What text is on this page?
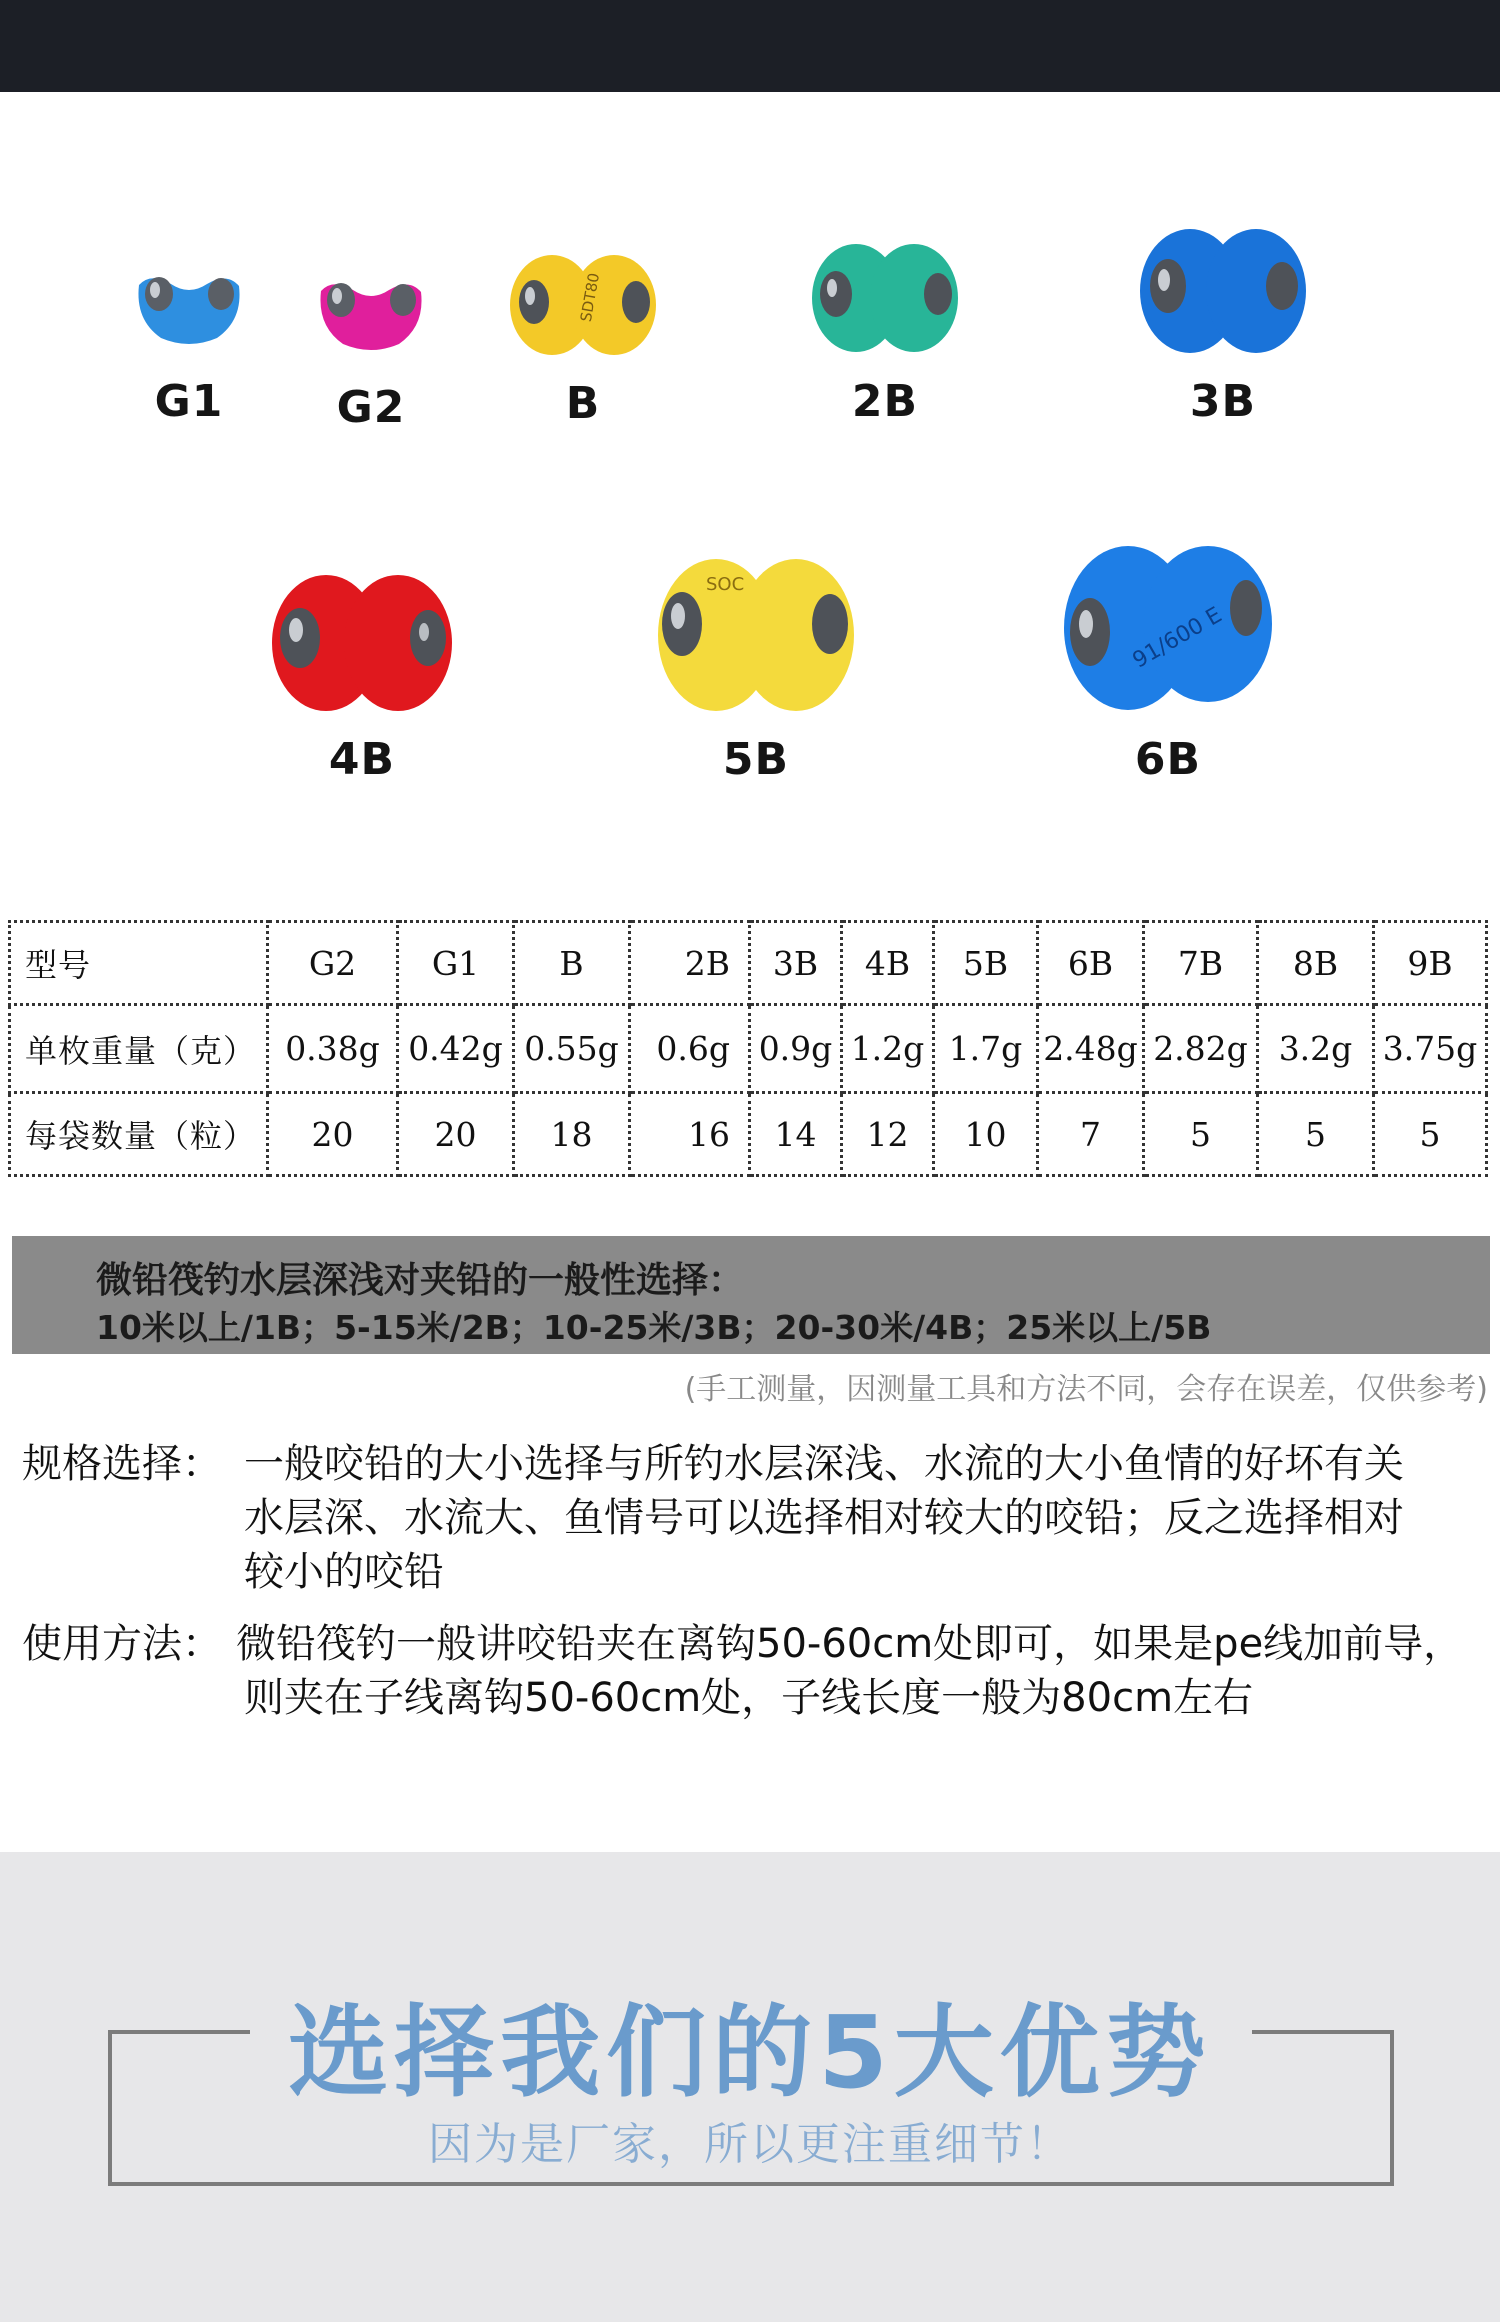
G1	G2
SDT80
B	2B	3B
4B
SOC
5B
91/600 E
6B
型号	G2	G1	B	2B	3B	4B	5B	6B	7B	8B	9B
单枚重量（克）	0.38g	0.42g	0.55g	0.6g	0.9g	1.2g	1.7g	2.48g	2.82g	3.2g	3.75g
每袋数量（粒）	20	20	18	16	14	12	10	7	5	5	5
微铅筏钓水层深浅对夹铅的一般性选择：
10米以上/1B；5-15米/2B；10-25米/3B；20-30米/4B；25米以上/5B
(手工测量，因测量工具和方法不同，会存在误差，仅供参考)
规格选择： 一般咬铅的大小选择与所钓水层深浅、水流的大小鱼情的好坏有关
水层深、水流大、鱼情号可以选择相对较大的咬铅；反之选择相对
较小的咬铅
使用方法： 微铅筏钓一般讲咬铅夹在离钩50-60cm处即可，如果是pe线加前导，
则夹在子线离钩50-60cm处，子线长度一般为80cm左右
选择我们的5大优势
因为是厂家，所以更注重细节！
